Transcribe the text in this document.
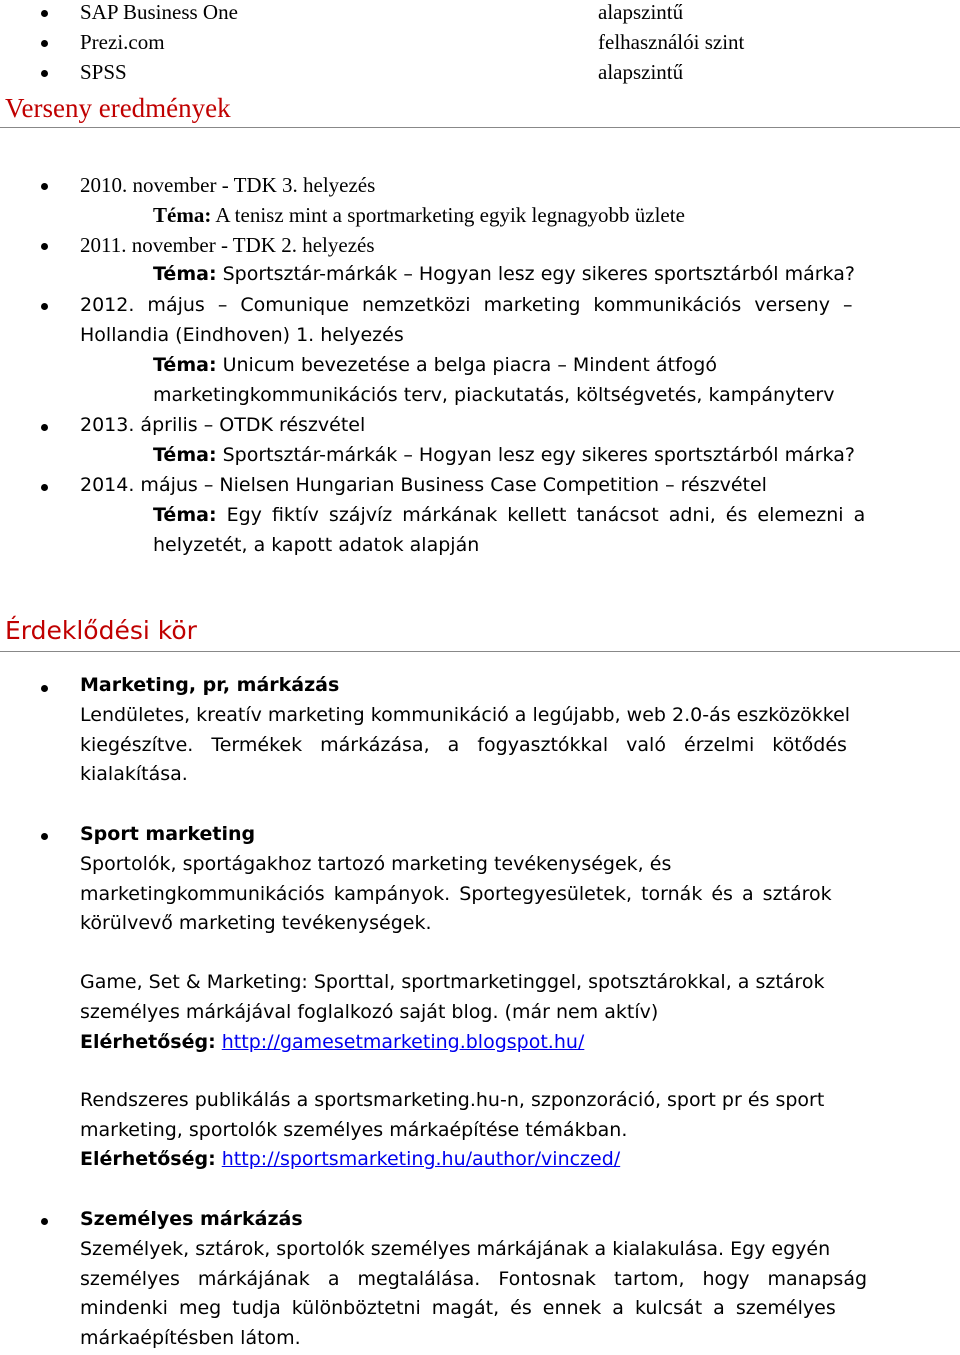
SAP Business One	alapszintű
Prezi.com	felhasználói szint
SPSS	alapszintű
Verseny eredmények
2010. november - TDK 3. helyezés
Téma: A tenisz mint a sportmarketing egyik legnagyobb üzlete
2011. november - TDK 2. helyezés
Téma: Sportsztár-márkák – Hogyan lesz egy sikeres sportsztárból márka?
2012. május – Comunique nemzetközi marketing kommunikációs verseny –
Hollandia (Eindhoven) 1. helyezés
Téma: Unicum bevezetése a belga piacra – Mindent átfogó
marketingkommunikációs terv, piackutatás, költségvetés, kampányterv
2013. április – OTDK részvétel
Téma: Sportsztár-márkák – Hogyan lesz egy sikeres sportsztárból márka?
2014. május – Nielsen Hungarian Business Case Competition – részvétel
Téma: Egy fiktív szájvíz márkának kellett tanácsot adni, és elemezni a
helyzetét, a kapott adatok alapján
Érdeklődési kör
Marketing, pr, márkázás
Lendületes, kreatív marketing kommunikáció a legújabb, web 2.0-ás eszközökkel
kiegészítve. Termékek márkázása, a fogyasztókkal való érzelmi kötődés
kialakítása.
Sport marketing
Sportolók, sportágakhoz tartozó marketing tevékenységek, és
marketingkommunikációs kampányok. Sportegyesületek, tornák és a sztárok
körülvevő marketing tevékenységek.
Game, Set & Marketing: Sporttal, sportmarketinggel, spotsztárokkal, a sztárok
személyes márkájával foglalkozó saját blog. (már nem aktív)
Elérhetőség: http://gamesetmarketing.blogspot.hu/
Rendszeres publikálás a sportsmarketing.hu-n, szponzoráció, sport pr és sport
marketing, sportolók személyes márkaépítése témákban.
Elérhetőség: http://sportsmarketing.hu/author/vinczed/
Személyes márkázás
Személyek, sztárok, sportolók személyes márkájának a kialakulása. Egy egyén
személyes márkájának a megtalálása. Fontosnak tartom, hogy manapság
mindenki meg tudja különböztetni magát, és ennek a kulcsát a személyes
márkaépítésben látom.
